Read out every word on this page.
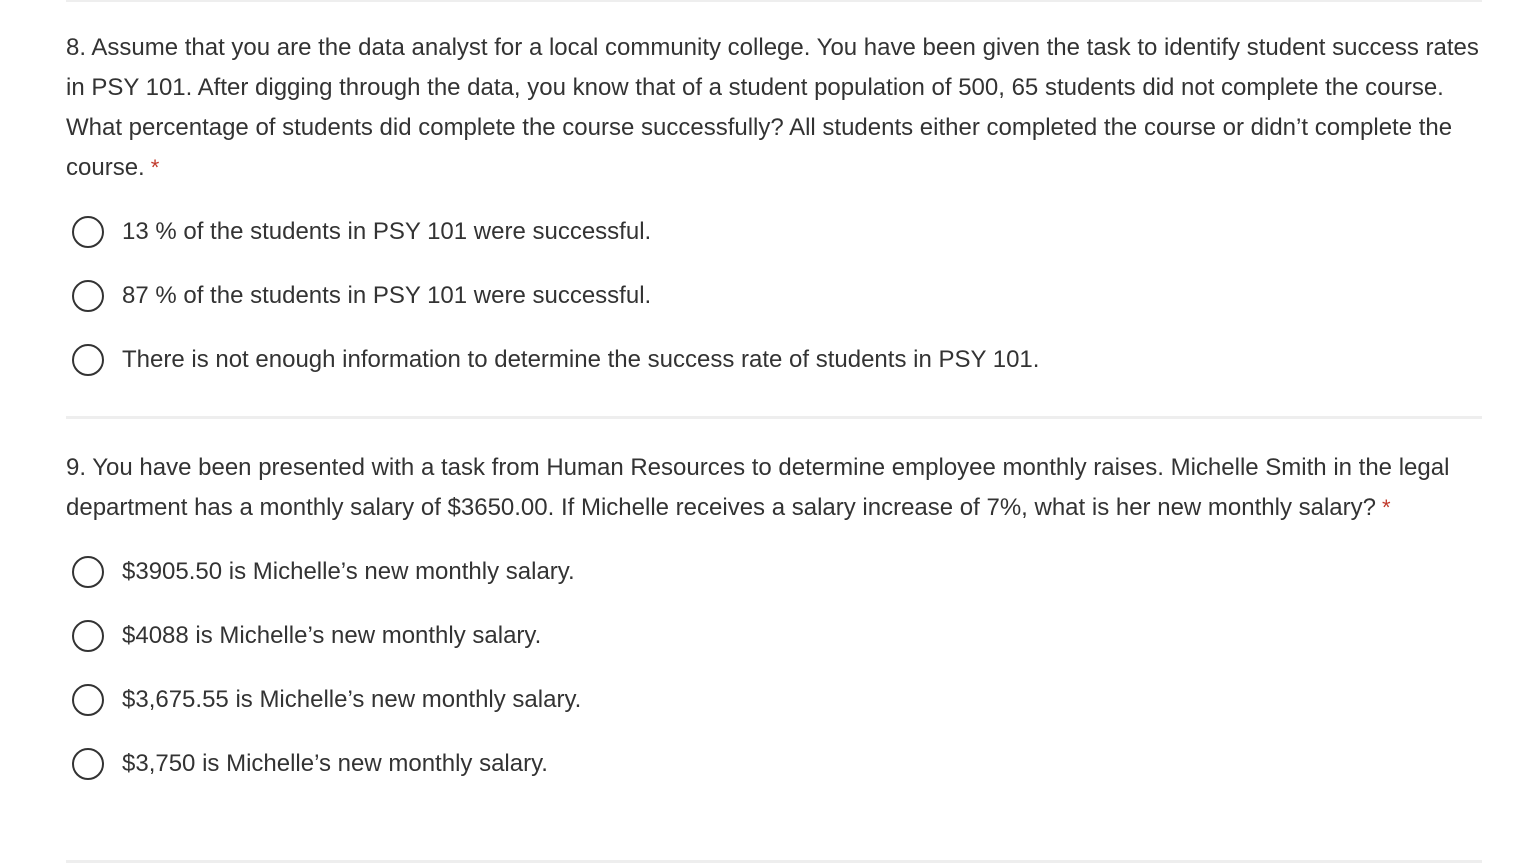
8. Assume that you are the data analyst for a local community college. You have been given the task to identify student success rates in PSY 101. After digging through the data, you know that of a student population of 500, 65 students did not complete the course. What percentage of students did complete the course successfully? All students either completed the course or didn’t complete the course. *

13 % of the students in PSY 101 were successful.
87 % of the students in PSY 101 were successful.
There is not enough information to determine the success rate of students in PSY 101.

9. You have been presented with a task from Human Resources to determine employee monthly raises. Michelle Smith in the legal department has a monthly salary of $3650.00. If Michelle receives a salary increase of 7%, what is her new monthly salary? *

$3905.50 is Michelle’s new monthly salary.
$4088 is Michelle’s new monthly salary.
$3,675.55 is Michelle’s new monthly salary.
$3,750 is Michelle’s new monthly salary.
